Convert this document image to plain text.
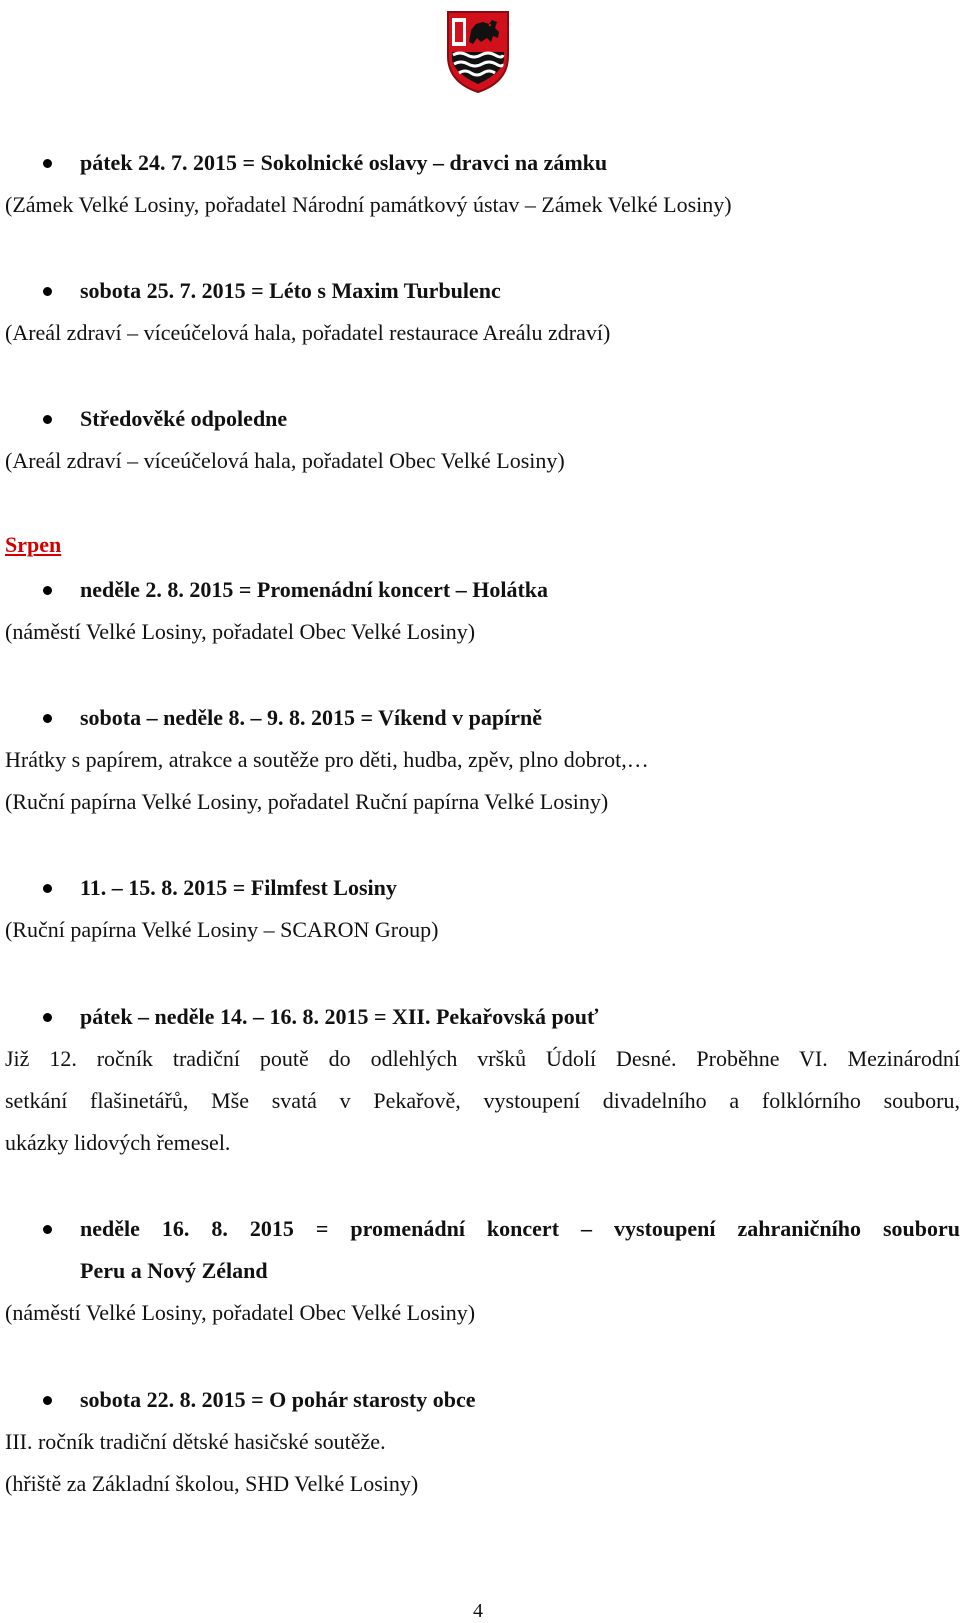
pátek 24. 7. 2015 = Sokolnické oslavy – dravci na zámku
(Zámek Velké Losiny, pořadatel Národní památkový ústav – Zámek Velké Losiny)
sobota 25. 7. 2015 = Léto s Maxim Turbulenc
(Areál zdraví – víceúčelová hala, pořadatel restaurace Areálu zdraví)
Středověké odpoledne
(Areál zdraví – víceúčelová hala, pořadatel Obec Velké Losiny)
Srpen
neděle 2. 8. 2015 = Promenádní koncert – Holátka
(náměstí Velké Losiny, pořadatel Obec Velké Losiny)
sobota – neděle 8. – 9. 8. 2015 = Víkend v papírně
Hrátky s papírem, atrakce a soutěže pro děti, hudba, zpěv, plno dobrot,…
(Ruční papírna Velké Losiny, pořadatel Ruční papírna Velké Losiny)
11. – 15. 8. 2015 = Filmfest Losiny
(Ruční papírna Velké Losiny – SCARON Group)
pátek – neděle 14. – 16. 8. 2015 = XII. Pekařovská pouť
Již 12. ročník tradiční poutě do odlehlých vršků Údolí Desné. Proběhne VI. Mezinárodní
setkání flašinetářů, Mše svatá v Pekařově, vystoupení divadelního a folklórního souboru,
ukázky lidových řemesel.
neděle 16. 8. 2015 = promenádní koncert – vystoupení zahraničního souboru
Peru a Nový Zéland
(náměstí Velké Losiny, pořadatel Obec Velké Losiny)
sobota 22. 8. 2015 = O pohár starosty obce
III. ročník tradiční dětské hasičské soutěže.
(hřiště za Základní školou, SHD Velké Losiny)
4
